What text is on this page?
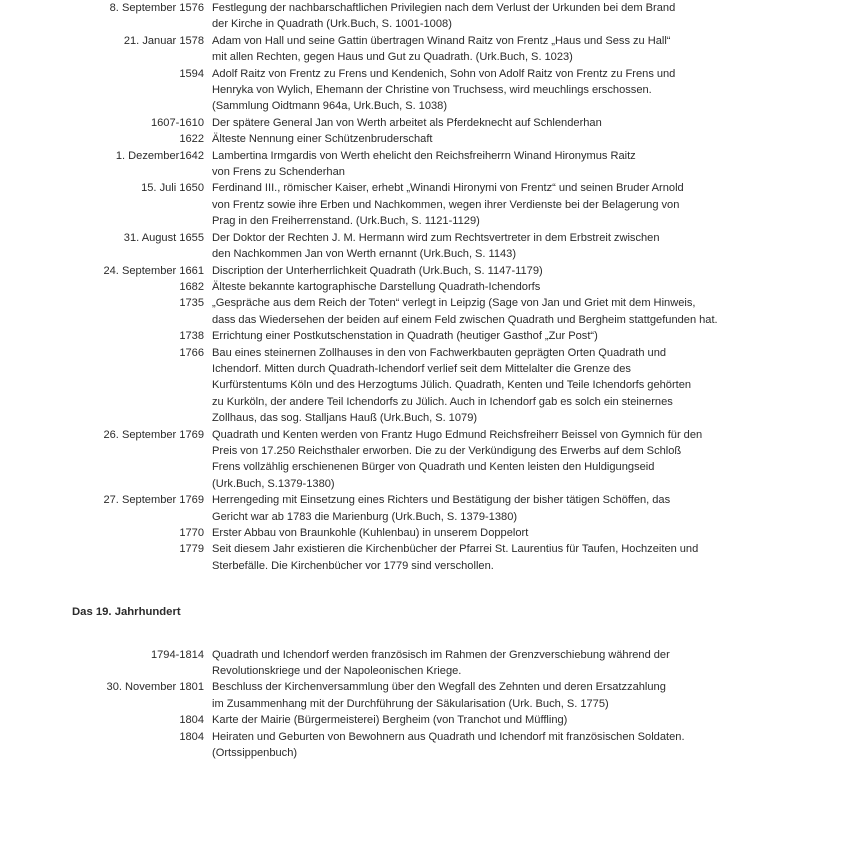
8. September 1576	Festlegung der nachbarschaftlichen Privilegien nach dem Verlust der Urkunden bei dem Brand

der Kirche in Quadrath (Urk.Buch, S. 1001-1008)

21. Januar 1578	Adam von Hall und seine Gattin übertragen Winand Raitz von Frentz „Haus und Sess zu Hall“

mit allen Rechten, gegen Haus und Gut zu Quadrath. (Urk.Buch, S. 1023)

1594	Adolf Raitz von Frentz zu Frens und Kendenich, Sohn von Adolf Raitz von Frentz zu Frens und

Henryka von Wylich, Ehemann der Christine von Truchsess, wird meuchlings erschossen.

(Sammlung Oidtmann 964a, Urk.Buch, S. 1038)

1607-1610	Der spätere General Jan von Werth arbeitet als Pferdeknecht auf Schlenderhan

1622	Älteste Nennung einer Schützenbruderschaft

1. Dezember1642	Lambertina Irmgardis von Werth ehelicht den Reichsfreiherrn Winand Hironymus Raitz

von Frens zu Schenderhan

15. Juli 1650	Ferdinand III., römischer Kaiser, erhebt „Winandi Hironymi von Frentz“ und seinen Bruder Arnold

von Frentz sowie ihre Erben und Nachkommen, wegen ihrer Verdienste bei der Belagerung von

Prag in den Freiherrenstand. (Urk.Buch, S. 1121-1129)

31. August 1655	Der Doktor der Rechten J. M. Hermann wird zum Rechtsvertreter in dem Erbstreit zwischen

den Nachkommen Jan von Werth ernannt (Urk.Buch, S. 1143)

24. September 1661	Discription der Unterherrlichkeit Quadrath (Urk.Buch, S. 1147-1179)

1682	Älteste bekannte kartographische Darstellung Quadrath-Ichendorfs

1735	„Gespräche aus dem Reich der Toten“ verlegt in Leipzig (Sage von Jan und Griet mit dem Hinweis,

dass das Wiedersehen der beiden auf einem Feld zwischen Quadrath und Bergheim stattgefunden hat.

1738	Errichtung einer Postkutschenstation in Quadrath (heutiger Gasthof „Zur Post“)

1766	Bau eines steinernen Zollhauses in den von Fachwerkbauten geprägten Orten Quadrath und

Ichendorf. Mitten durch Quadrath-Ichendorf verlief seit dem Mittelalter die Grenze des

Kurfürstentums Köln und des Herzogtums Jülich. Quadrath, Kenten und Teile Ichendorfs gehörten

zu Kurköln, der andere Teil Ichendorfs zu Jülich. Auch in Ichendorf gab es solch ein steinernes

Zollhaus, das sog. Stalljans Hauß (Urk.Buch, S. 1079)

26. September 1769	Quadrath und Kenten werden von Frantz Hugo Edmund Reichsfreiherr Beissel von Gymnich für den

Preis von 17.250 Reichsthaler erworben. Die zu der Verkündigung des Erwerbs auf dem Schloß

Frens vollzählig erschienenen Bürger von Quadrath und Kenten leisten den Huldigungseid

(Urk.Buch, S.1379-1380)

27. September 1769	Herrengeding mit Einsetzung eines Richters und Bestätigung der bisher tätigen Schöffen, das

Gericht war ab 1783 die Marienburg (Urk.Buch, S. 1379-1380)

1770	Erster Abbau von Braunkohle (Kuhlenbau) in unserem Doppelort

1779	Seit diesem Jahr existieren die Kirchenbücher der Pfarrei St. Laurentius für Taufen, Hochzeiten und

Sterbefälle. Die Kirchenbücher vor 1779 sind verschollen.

Das 19. Jahrhundert
1794-1814	Quadrath und Ichendorf werden französisch im Rahmen der Grenzverschiebung während der

Revolutionskriege und der Napoleonischen Kriege.

30. November 1801	Beschluss der Kirchenversammlung über den Wegfall des Zehnten und deren Ersatzzahlung

im Zusammenhang mit der Durchführung der Säkularisation (Urk. Buch, S. 1775)

1804	Karte der Mairie (Bürgermeisterei) Bergheim (von Tranchot und Müffling)

1804	Heiraten und Geburten von Bewohnern aus Quadrath und Ichendorf mit französischen Soldaten.

(Ortssippenbuch)
